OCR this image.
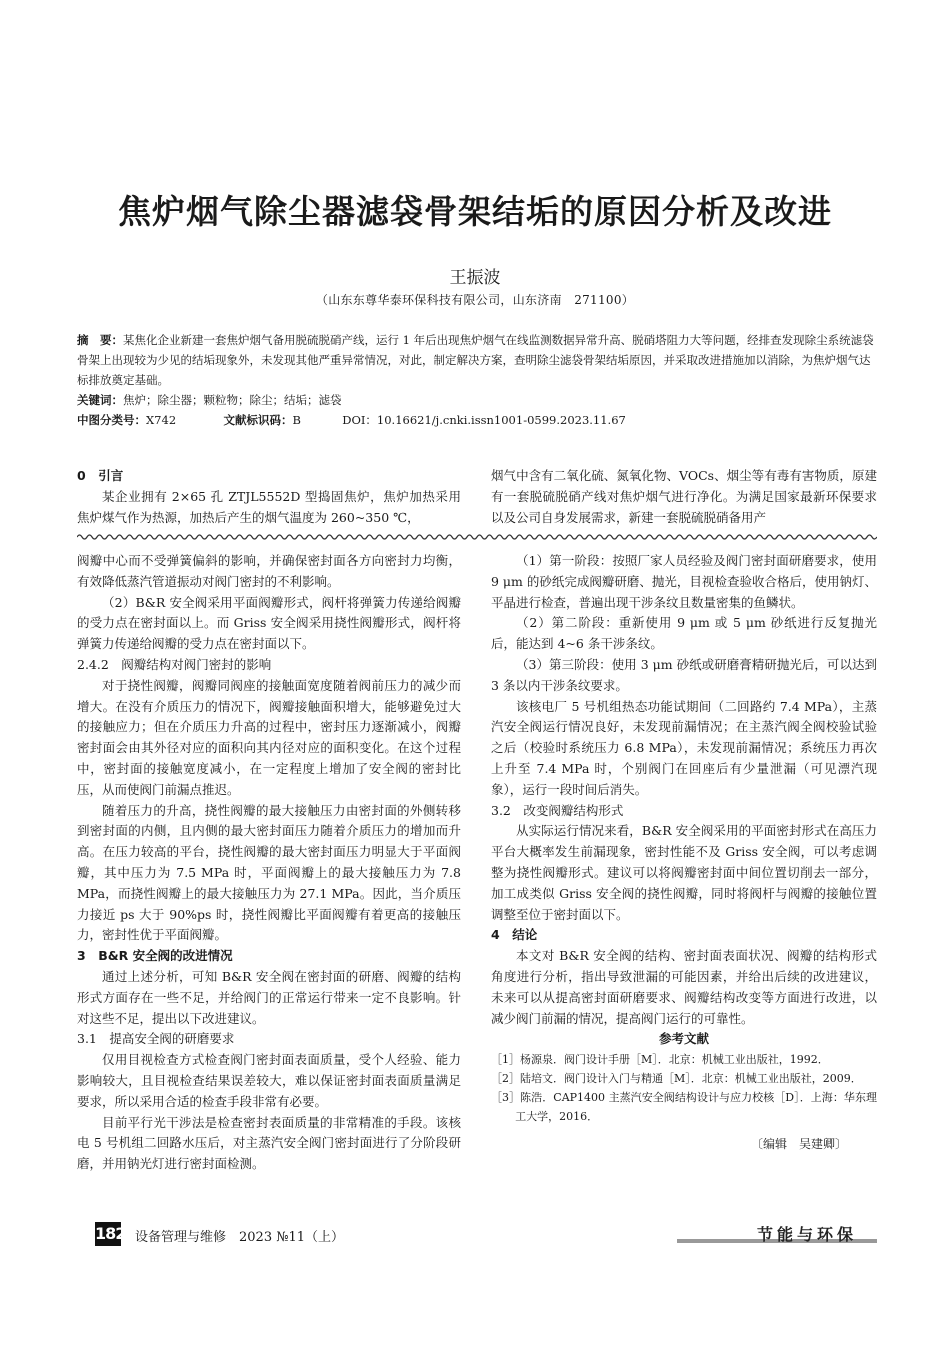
焦炉烟气除尘器滤袋骨架结垢的原因分析及改进

王振波

（山东东尊华泰环保科技有限公司，山东济南　271100）

摘　要：某焦化企业新建一套焦炉烟气备用脱硫脱硝产线，运行 1 年后出现焦炉烟气在线监测数据异常升高、脱硝塔阻力大等问题，经排查发现除尘系统滤袋骨架上出现较为少见的结垢现象外，未发现其他严重异常情况，对此，制定解决方案，查明除尘滤袋骨架结垢原因，并采取改进措施加以消除，为焦炉烟气达标排放奠定基础。

关键词：焦炉；除尘器；颗粒物；除尘；结垢；滤袋

中图分类号：X742	文献标识码：B	DOI：10.16621/j.cnki.issn1001-0599.2023.11.67

0　引言

某企业拥有 2×65 孔 ZTJL5552D 型捣固焦炉，焦炉加热采用焦炉煤气作为热源，加热后产生的烟气温度为 260~350 ℃，

烟气中含有二氧化硫、氮氧化物、VOCs、烟尘等有毒有害物质，原建有一套脱硫脱硝产线对焦炉烟气进行净化。为满足国家最新环保要求以及公司自身发展需求，新建一套脱硫脱硝备用产

阀瓣中心而不受弹簧偏斜的影响，并确保密封面各方向密封力均衡，有效降低蒸汽管道振动对阀门密封的不利影响。

（2）B&R 安全阀采用平面阀瓣形式，阀杆将弹簧力传递给阀瓣的受力点在密封面以上。而 Griss 安全阀采用挠性阀瓣形式，阀杆将弹簧力传递给阀瓣的受力点在密封面以下。

2.4.2　阀瓣结构对阀门密封的影响

对于挠性阀瓣，阀瓣同阀座的接触面宽度随着阀前压力的减少而增大。在没有介质压力的情况下，阀瓣接触面积增大，能够避免过大的接触应力；但在介质压力升高的过程中，密封压力逐渐减小，阀瓣密封面会由其外径对应的面积向其内径对应的面积变化。在这个过程中，密封面的接触宽度减小，在一定程度上增加了安全阀的密封比压，从而使阀门前漏点推迟。

随着压力的升高，挠性阀瓣的最大接触压力由密封面的外侧转移到密封面的内侧，且内侧的最大密封面压力随着介质压力的增加而升高。在压力较高的平台，挠性阀瓣的最大密封面压力明显大于平面阀瓣，其中压力为 7.5 MPa 时，平面阀瓣上的最大接触压力为 7.8 MPa，而挠性阀瓣上的最大接触压力为 27.1 MPa。因此，当介质压力接近 ps 大于 90%ps 时，挠性阀瓣比平面阀瓣有着更高的接触压力，密封性优于平面阀瓣。

3　B&R 安全阀的改进情况

通过上述分析，可知 B&R 安全阀在密封面的研磨、阀瓣的结构形式方面存在一些不足，并给阀门的正常运行带来一定不良影响。针对这些不足，提出以下改进建议。

3.1　提高安全阀的研磨要求

仅用目视检查方式检查阀门密封面表面质量，受个人经验、能力影响较大，且目视检查结果误差较大，难以保证密封面表面质量满足要求，所以采用合适的检查手段非常有必要。

目前平行光干涉法是检查密封表面质量的非常精准的手段。该核电 5 号机组二回路水压后，对主蒸汽安全阀门密封面进行了分阶段研磨，并用钠光灯进行密封面检测。

（1）第一阶段：按照厂家人员经验及阀门密封面研磨要求，使用 9 μm 的砂纸完成阀瓣研磨、抛光，目视检查验收合格后，使用钠灯、平晶进行检查，普遍出现干涉条纹且数量密集的鱼鳞状。

（2）第二阶段：重新使用 9 μm 或 5 μm 砂纸进行反复抛光后，能达到 4~6 条干涉条纹。

（3）第三阶段：使用 3 μm 砂纸或研磨膏精研抛光后，可以达到 3 条以内干涉条纹要求。

该核电厂 5 号机组热态功能试期间（二回路约 7.4 MPa），主蒸汽安全阀运行情况良好，未发现前漏情况；在主蒸汽阀全阀校验试验之后（校验时系统压力 6.8 MPa），未发现前漏情况；系统压力再次上升至 7.4 MPa 时，个别阀门在回座后有少量泄漏（可见漂汽现象），运行一段时间后消失。

3.2　改变阀瓣结构形式

从实际运行情况来看，B&R 安全阀采用的平面密封形式在高压力平台大概率发生前漏现象，密封性能不及 Griss 安全阀，可以考虑调整为挠性阀瓣形式。建议可以将阀瓣密封面中间位置切削去一部分，加工成类似 Griss 安全阀的挠性阀瓣，同时将阀杆与阀瓣的接触位置调整至位于密封面以下。

4　结论

本文对 B&R 安全阀的结构、密封面表面状况、阀瓣的结构形式角度进行分析，指出导致泄漏的可能因素，并给出后续的改进建议，未来可以从提高密封面研磨要求、阀瓣结构改变等方面进行改进，以减少阀门前漏的情况，提高阀门运行的可靠性。

参考文献

［1］杨源泉．阀门设计手册［M］．北京：机械工业出版社，1992．

［2］陆培文．阀门设计入门与精通［M］．北京：机械工业出版社，2009．

［3］陈浩．CAP1400 主蒸汽安全阀结构设计与应力校核［D］．上海：华东理工大学，2016．

〔编辑　吴建卿〕

182 设备管理与维修　2023 №11（上）	节能与环保
